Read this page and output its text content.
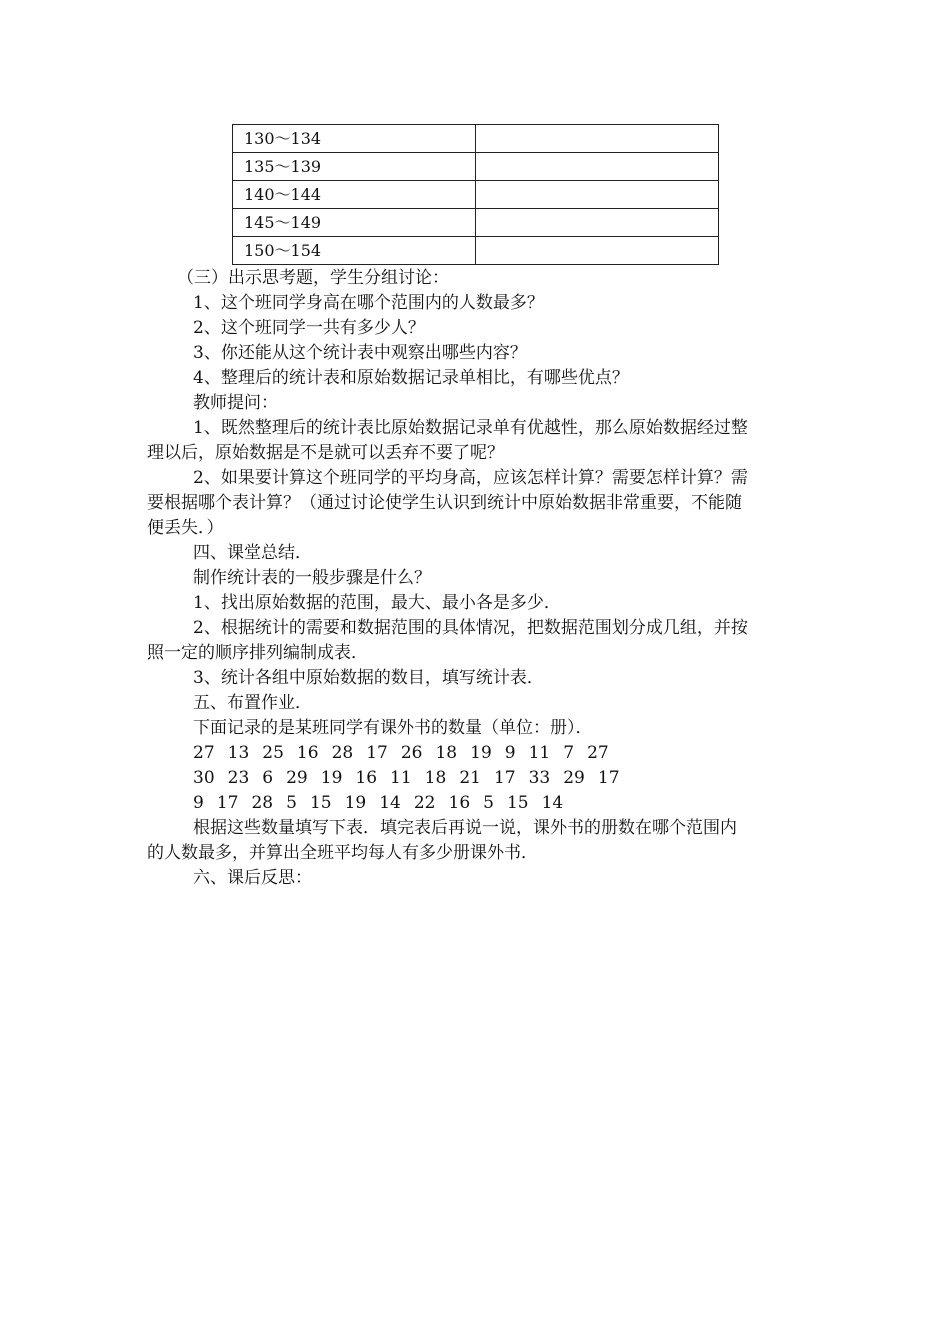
130～134	
135～139	
140～144	
145～149	
150～154	
（三）出示思考题，学生分组讨论：
1、这个班同学身高在哪个范围内的人数最多？
2、这个班同学一共有多少人？
3、你还能从这个统计表中观察出哪些内容？
4、整理后的统计表和原始数据记录单相比，有哪些优点？
教师提问：
1、既然整理后的统计表比原始数据记录单有优越性，那么原始数据经过整
理以后，原始数据是不是就可以丢弃不要了呢？
2、如果要计算这个班同学的平均身高，应该怎样计算？需要怎样计算？需
要根据哪个表计算？（通过讨论使学生认识到统计中原始数据非常重要，不能随
便丢失．）
四、课堂总结．
制作统计表的一般步骤是什么？
1、找出原始数据的范围，最大、最小各是多少．
2、根据统计的需要和数据范围的具体情况，把数据范围划分成几组，并按
照一定的顺序排列编制成表．
3、统计各组中原始数据的数目，填写统计表．
五、布置作业．
下面记录的是某班同学有课外书的数量（单位：册）．
27 13 25 16 28 17 26 18 19 9 11 7 27
30 23 6 29 19 16 11 18 21 17 33 29 17
9 17 28 5 15 19 14 22 16 5 15 14
根据这些数量填写下表．填完表后再说一说，课外书的册数在哪个范围内
的人数最多，并算出全班平均每人有多少册课外书．
六、课后反思：
